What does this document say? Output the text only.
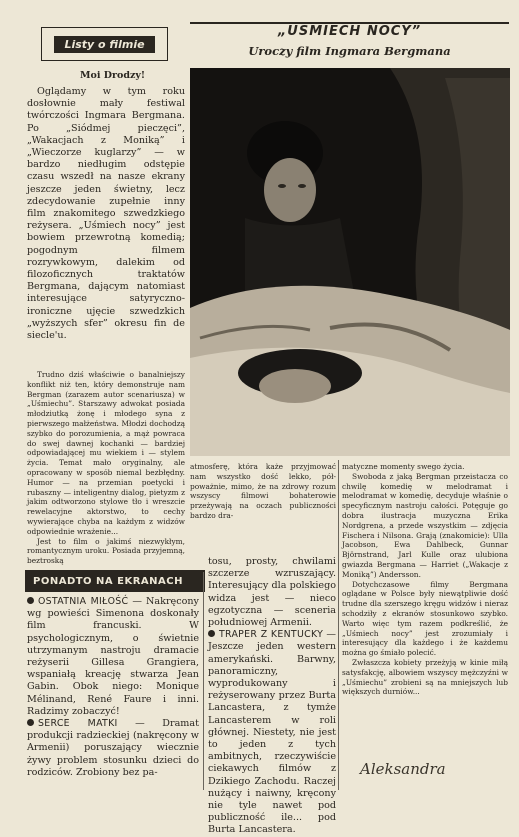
Listy o filmie
„UŚMIECH NOCY”
Uroczy film Ingmara Bergmana
Moi Drodzy!

Oglądamy w tym roku dosłownie mały festiwal twórczości Ingmara Bergmana. Po „Siódmej pieczęci”, „Wakacjach z Moniką” i „Wieczorze kuglarzy” — w bardzo niedługim odstępie czasu wszedł na nasze ekrany jeszcze jeden świetny, lecz zdecydowanie zupełnie inny film znakomitego szwedzkiego reżysera. „Uśmiech nocy” jest bowiem przewrotną komedią; pogodnym filmem rozrywkowym, dalekim od filozoficznych traktatów Bergmana, dającym natomiast interesujące satyryczno-ironiczne ujęcie szwedzkich „wyższych sfer” okresu fin de siecle'u.

Trudno dziś właściwie o banalniejszy konflikt niż ten, który demonstruje nam Bergman (zarazem autor scenariusza) w „Uśmiechu”. Starszawy adwokat posiada młodziutką żonę i młodego syna z pierwszego małżeństwa. Młodzi dochodzą szybko do porozumienia, a mąż powraca do swej dawnej kochanki — bardziej odpowiadającej mu wiekiem i — stylem życia. Temat mało oryginalny, ale opracowany w sposób niemal bezbłędny. Humor — na przemian poetycki i rubaszny — inteligentny dialog, pietyzm z jakim odtworzono stylowe tło i wreszcie rewelacyjne aktorstwo, to cechy wywierające chyba na każdym z widzów odpowiednie wrażenie...

Jest to film o jakimś niezwykłym, romantycznym uroku. Posiada przyjemną, beztroską

atmosferę, która każe przyjmować nam wszystko dość lekko, pół-poważnie, mimo, że na zdrowy rozum wszyscy filmowi bohaterowie przeżywają na oczach publiczności bardzo dra-

matyczne momenty swego życia.

Swoboda z jaką Bergman przeistacza co chwilę komedię w melodramat i melodramat w komedię, decyduje właśnie o specyficznym nastroju całości. Potęguje go dobra ilustracja muzyczna Erika Nordgrena, a przede wszystkim — zdjęcia Fischera i Nilsona. Grają (znakomicie): Ulla Jacobson, Ewa Dahlbeck, Gunnar Björnstrand, Jarl Kulle oraz ulubiona gwiazda Bergmana — Harriet („Wakacje z Moniką”) Andersson.

Dotychczasowe filmy Bergmana oglądane w Polsce były niewątpliwie dość trudne dla szerszego kręgu widzów i nieraz schodziły z ekranów stosunkowo szybko. Warto więc tym razem podkreślić, że „Uśmiech nocy” jest zrozumiały i interesujący dla każdego i że każdemu można go śmiało polecić.

Zwłaszcza kobiety przeżyją w kinie miłą satysfakcję, albowiem wszyscy mężczyźni w „Uśmiechu” zrobieni są na mniejszych lub większych durniów...

Aleksandra
PONADTO NA EKRANACH

OSTATNIA MIŁOŚĆ — Nakręcony wg powieści Simenona doskonały film francuski. W psychologicznym, o świetnie utrzymanym nastroju dramacie reżyserii Gillesa Grangiera, wspaniałą kreację stwarza Jean Gabin. Obok niego: Monique Mélinand, René Faure i inni. Radzimy zobaczyć!

SERCE MATKI — Dramat produkcji radzieckiej (nakręcony w Armenii) poruszający wiecznie żywy problem stosunku dzieci do rodziców. Zrobiony bez pa-

tosu, prosty, chwilami szczerze wzruszający. Interesujący dla polskiego widza jest — nieco egzotyczna — sceneria południowej Armenii.

TRAPER Z KENTUCKY — Jeszcze jeden western amerykański. Barwny, panoramiczny, wyprodukowany i reżyserowany przez Burta Lancastera, z tymże Lancasterem w roli głównej. Niestety, nie jest to jeden z tych ambitnych, rzeczywiście ciekawych filmów z Dzikiego Zachodu. Raczej nużący i naiwny, kręcony nie tyle nawet pod publiczność ile... pod Burta Lancastera.
